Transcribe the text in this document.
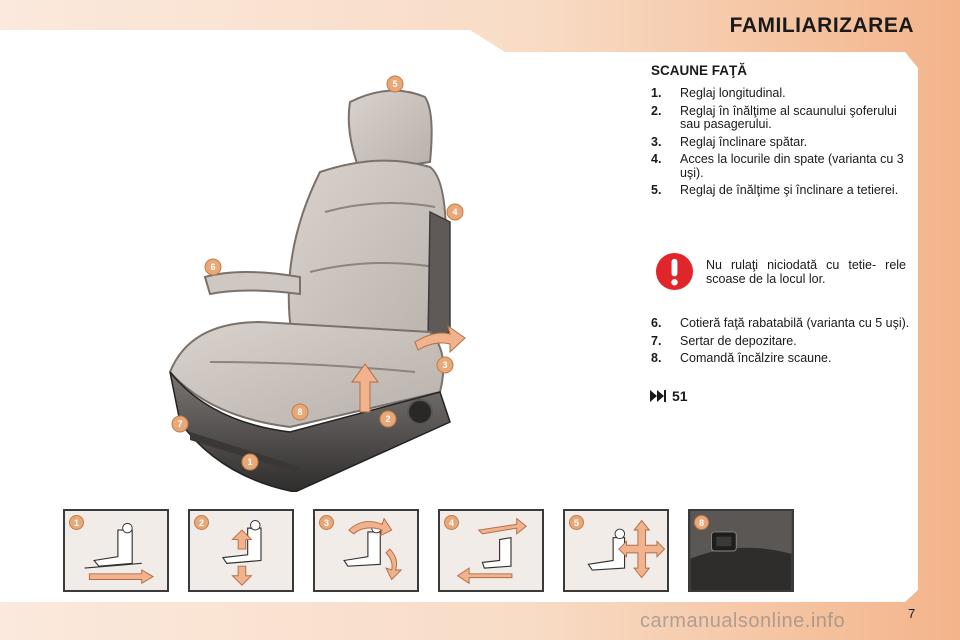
FAMILIARIZAREA
5
4
6
3
8
2
7
1
SCAUNE FAŢĂ
1.	Reglaj longitudinal.
2.	Reglaj în înălţime al scaunului şoferului sau pasagerului.
3.	Reglaj înclinare spătar.
4.	Acces la locurile din spate (varianta cu 3 uşi).
5.	Reglaj de înălţime şi înclinare a tetierei.

Nu rulaţi niciodată cu tetie- rele scoase de la locul lor.

6.	Cotieră faţă rabatabilă (varianta cu 5 uşi).
7.	Sertar de depozitare.
8.	Comandă încălzire scaune.
51
1	2	3	4	5	8
7
carmanualsonline.info
